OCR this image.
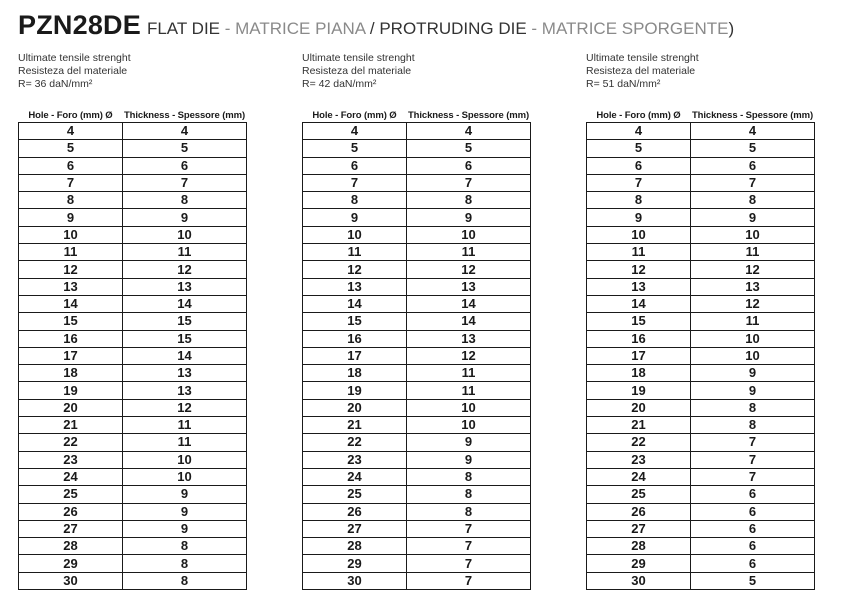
PZN28DE FLAT DIE - MATRICE PIANA / PROTRUDING DIE - MATRICE SPORGENTE)
Ultimate tensile strenght
Resisteza del materiale
R= 36 daN/mm²
Hole - Foro (mm) Ø	Thickness - Spessore (mm)
4	4
5	5
6	6
7	7
8	8
9	9
10	10
11	11
12	12
13	13
14	14
15	15
16	15
17	14
18	13
19	13
20	12
21	11
22	11
23	10
24	10
25	9
26	9
27	9
28	8
29	8
30	8
Ultimate tensile strenght
Resisteza del materiale
R= 42 daN/mm²
Hole - Foro (mm) Ø	Thickness - Spessore (mm)
4	4
5	5
6	6
7	7
8	8
9	9
10	10
11	11
12	12
13	13
14	14
15	14
16	13
17	12
18	11
19	11
20	10
21	10
22	9
23	9
24	8
25	8
26	8
27	7
28	7
29	7
30	7
Ultimate tensile strenght
Resisteza del materiale
R= 51 daN/mm²
Hole - Foro (mm) Ø	Thickness - Spessore (mm)
4	4
5	5
6	6
7	7
8	8
9	9
10	10
11	11
12	12
13	13
14	12
15	11
16	10
17	10
18	9
19	9
20	8
21	8
22	7
23	7
24	7
25	6
26	6
27	6
28	6
29	6
30	5
